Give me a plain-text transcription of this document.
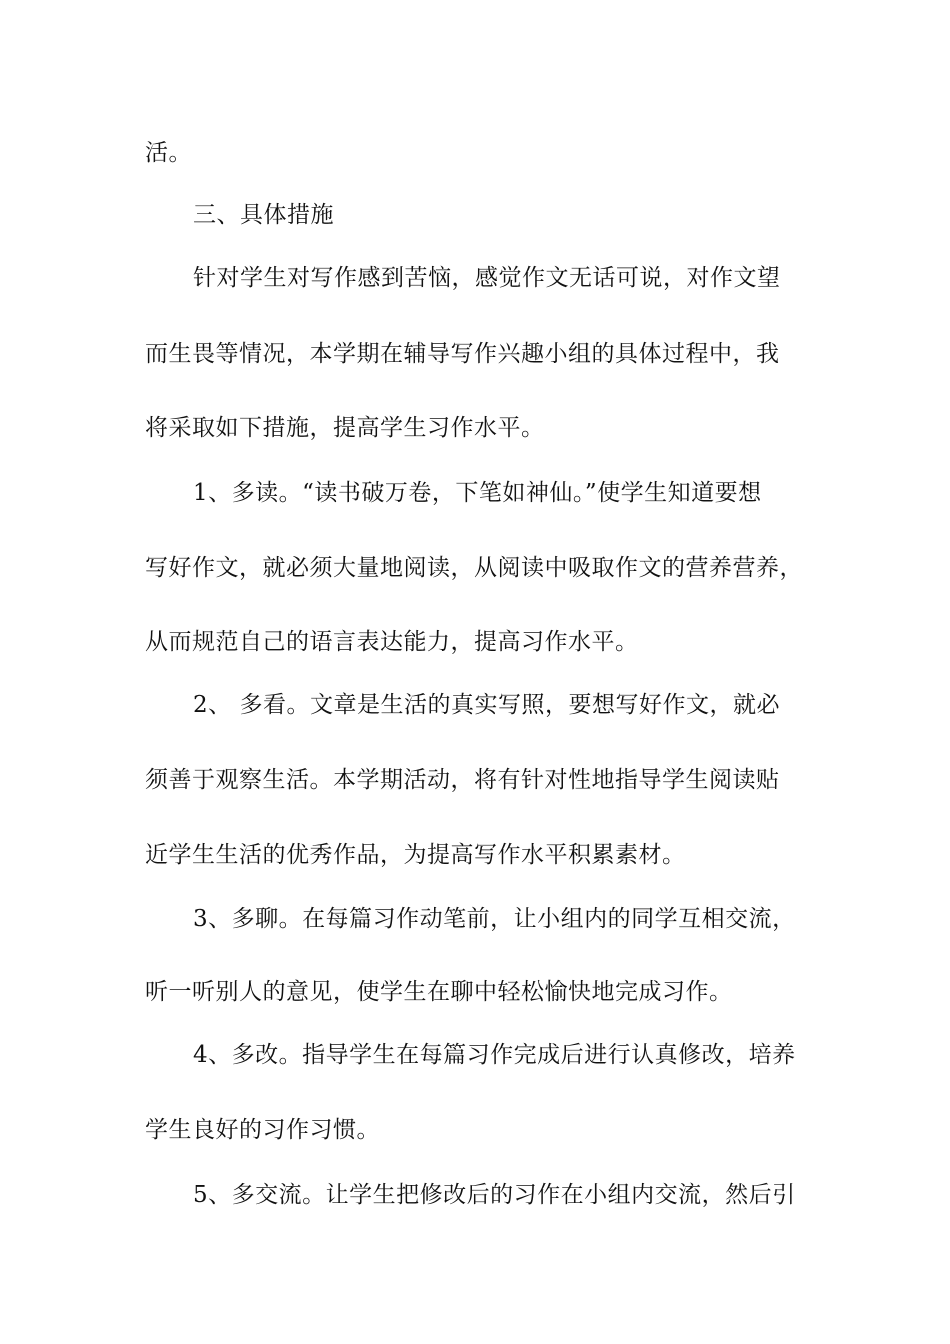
活。
三、具体措施
针对学生对写作感到苦恼，感觉作文无话可说，对作文望
而生畏等情况，本学期在辅导写作兴趣小组的具体过程中，我
将采取如下措施，提高学生习作水平。
1、多读。“读书破万卷，下笔如神仙。”使学生知道要想
写好作文，就必须大量地阅读，从阅读中吸取作文的营养营养，
从而规范自己的语言表达能力，提高习作水平。
2、 多看。文章是生活的真实写照，要想写好作文，就必
须善于观察生活。本学期活动，将有针对性地指导学生阅读贴
近学生生活的优秀作品，为提高写作水平积累素材。
3、多聊。在每篇习作动笔前，让小组内的同学互相交流，
听一听别人的意见，使学生在聊中轻松愉快地完成习作。
4、多改。指导学生在每篇习作完成后进行认真修改，培养
学生良好的习作习惯。
5、多交流。让学生把修改后的习作在小组内交流，然后引
